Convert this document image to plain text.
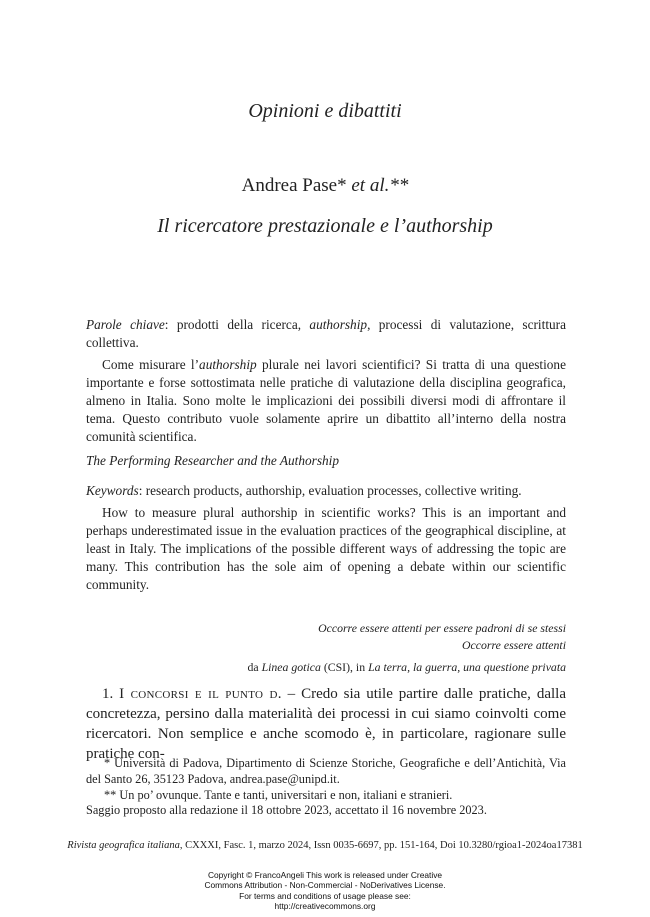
Opinioni e dibattiti
Andrea Pase* et al.**
Il ricercatore prestazionale e l’authorship

Parole chiave: prodotti della ricerca, authorship, processi di valutazione, scrittura collettiva.

Come misurare l’authorship plurale nei lavori scientifici? Si tratta di una questione importante e forse sottostimata nelle pratiche di valutazione della disciplina geografica, almeno in Italia. Sono molte le implicazioni dei possibili diversi modi di affrontare il tema. Questo contributo vuole solamente aprire un dibattito all’interno della nostra comunità scientifica.

The Performing Researcher and the Authorship

Keywords: research products, authorship, evaluation processes, collective writing.

How to measure plural authorship in scientific works? This is an important and perhaps underestimated issue in the evaluation practices of the geographical discipline, at least in Italy. The implications of the possible different ways of addressing the topic are many. This contribution has the sole aim of opening a debate within our scientific community.

Occorre essere attenti per essere padroni di se stessi
Occorre essere attenti
da Linea gotica (CSI), in La terra, la guerra, una questione privata
1. I concorsi e il punto d. – Credo sia utile partire dalle pratiche, dalla concretezza, persino dalla materialità dei processi in cui siamo coinvolti come ricercatori. Non semplice e anche scomodo è, in particolare, ragionare sulle pratiche con-

* Università di Padova, Dipartimento di Scienze Storiche, Geografiche e dell’Antichità, Via del Santo 26, 35123 Padova, andrea.pase@unipd.it.

** Un po’ ovunque. Tante e tanti, universitari e non, italiani e stranieri.

Saggio proposto alla redazione il 18 ottobre 2023, accettato il 16 novembre 2023.
Rivista geografica italiana, CXXXI, Fasc. 1, marzo 2024, Issn 0035-6697, pp. 151-164, Doi 10.3280/rgioa1-2024oa17381
Copyright © FrancoAngeli This work is released under Creative
Commons Attribution - Non-Commercial - NoDerivatives License.
For terms and conditions of usage please see:
http://creativecommons.org
